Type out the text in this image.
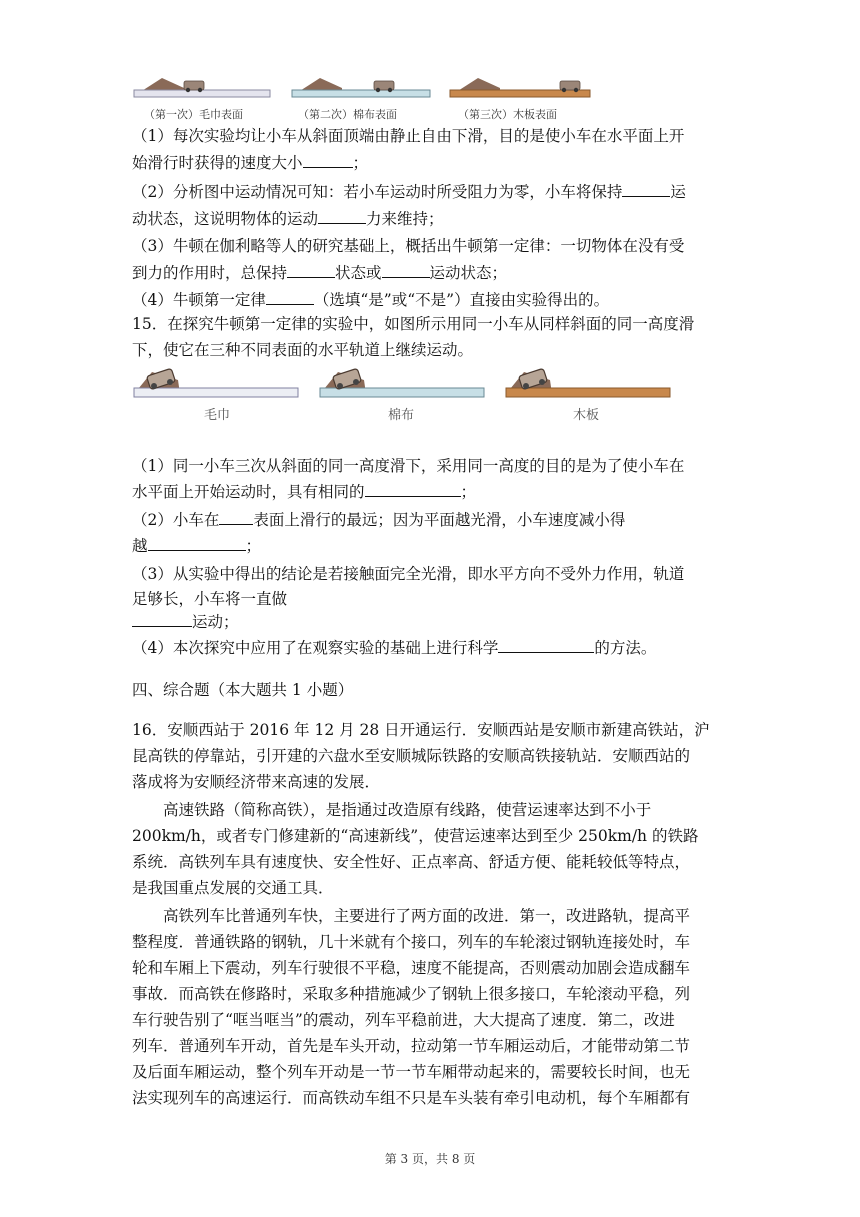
（第一次）毛巾表面	（第二次）棉布表面	（第三次）木板表面
（1）每次实验均让小车从斜面顶端由静止自由下滑，目的是使小车在水平面上开
始滑行时获得的速度大小	；
（2）分析图中运动情况可知：若小车运动时所受阻力为零，小车将保持	运
动状态，这说明物体的运动	力来维持；
（3）牛顿在伽利略等人的研究基础上，概括出牛顿第一定律：一切物体在没有受
到力的作用时，总保持	状态或	运动状态；
（4）牛顿第一定律	（选填“是”或“不是”）直接由实验得出的。
15．在探究牛顿第一定律的实验中，如图所示用同一小车从同样斜面的同一高度滑
下，使它在三种不同表面的水平轨道上继续运动。
毛巾	棉布	木板
（1）同一小车三次从斜面的同一高度滑下，采用同一高度的目的是为了使小车在
水平面上开始运动时，具有相同的	；
（2）小车在 表面上滑行的最远；因为平面越光滑，小车速度减小得
越	；
（3）从实验中得出的结论是若接触面完全光滑，即水平方向不受外力作用，轨道
足够长，小车将一直做
运动；
（4）本次探究中应用了在观察实验的基础上进行科学	的方法。
四、综合题（本大题共 1 小题）
16．安顺西站于 2016 年 12 月 28 日开通运行．安顺西站是安顺市新建高铁站，沪
昆高铁的停靠站，引开建的六盘水至安顺城际铁路的安顺高铁接轨站．安顺西站的
落成将为安顺经济带来高速的发展．
　　高速铁路（简称高铁），是指通过改造原有线路，使营运速率达到不小于
200km/h，或者专门修建新的“高速新线”，使营运速率达到至少 250km/h 的铁路
系统．高铁列车具有速度快、安全性好、正点率高、舒适方便、能耗较低等特点，
是我国重点发展的交通工具．
　　高铁列车比普通列车快，主要进行了两方面的改进．第一，改进路轨，提高平
整程度．普通铁路的钢轨，几十米就有个接口，列车的车轮滚过钢轨连接处时，车
轮和车厢上下震动，列车行驶很不平稳，速度不能提高，否则震动加剧会造成翻车
事故．而高铁在修路时，采取多种措施减少了钢轨上很多接口，车轮滚动平稳，列
车行驶告别了“哐当哐当”的震动，列车平稳前进，大大提高了速度．第二，改进
列车．普通列车开动，首先是车头开动，拉动第一节车厢运动后，才能带动第二节
及后面车厢运动，整个列车开动是一节一节车厢带动起来的，需要较长时间，也无
法实现列车的高速运行．而高铁动车组不只是车头装有牵引电动机，每个车厢都有
第 3 页，共 8 页
